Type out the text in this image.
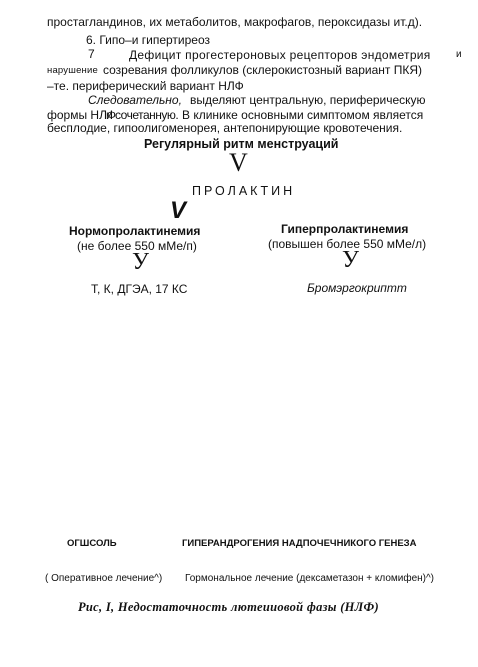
простагландинов, их метаболитов, макрофагов, пероксидазы ит.д).
6. Гипо–и гипертиреоз
7	Дефицит прогестероновых рецепторов эндометрия	и
нарушение созревания фолликулов (склерокистозный вариант ПКЯ)
–те. периферический вариант НЛФ
Следовательно, выделяют центральную, периферическую
формы НЛФ
и сочетанную. В клинике основными симптомом является
бесплодие, гипоолигоменорея, антепонирующие кровотечения.
Регулярный ритм менструаций
V
ПРОЛАКТИН
V
Нормопролактинемия
(не более 550 мМе/п)
У
Т, К, ДГЭА, 17 КС
Гиперпролактинемия
(повышен более 550 мМе/л)
У
Бромэргокриптт
ОГШСОЛЬ	ГИПЕРАНДРОГЕНИЯ НАДПОЧЕЧНИКОГО ГЕНЕЗА
( Оперативное лечение^) Гормональное лечение (дексаметазон + кломифен)^)
Рис, I, Недостаточность лютеииовой фазы (НЛФ)
